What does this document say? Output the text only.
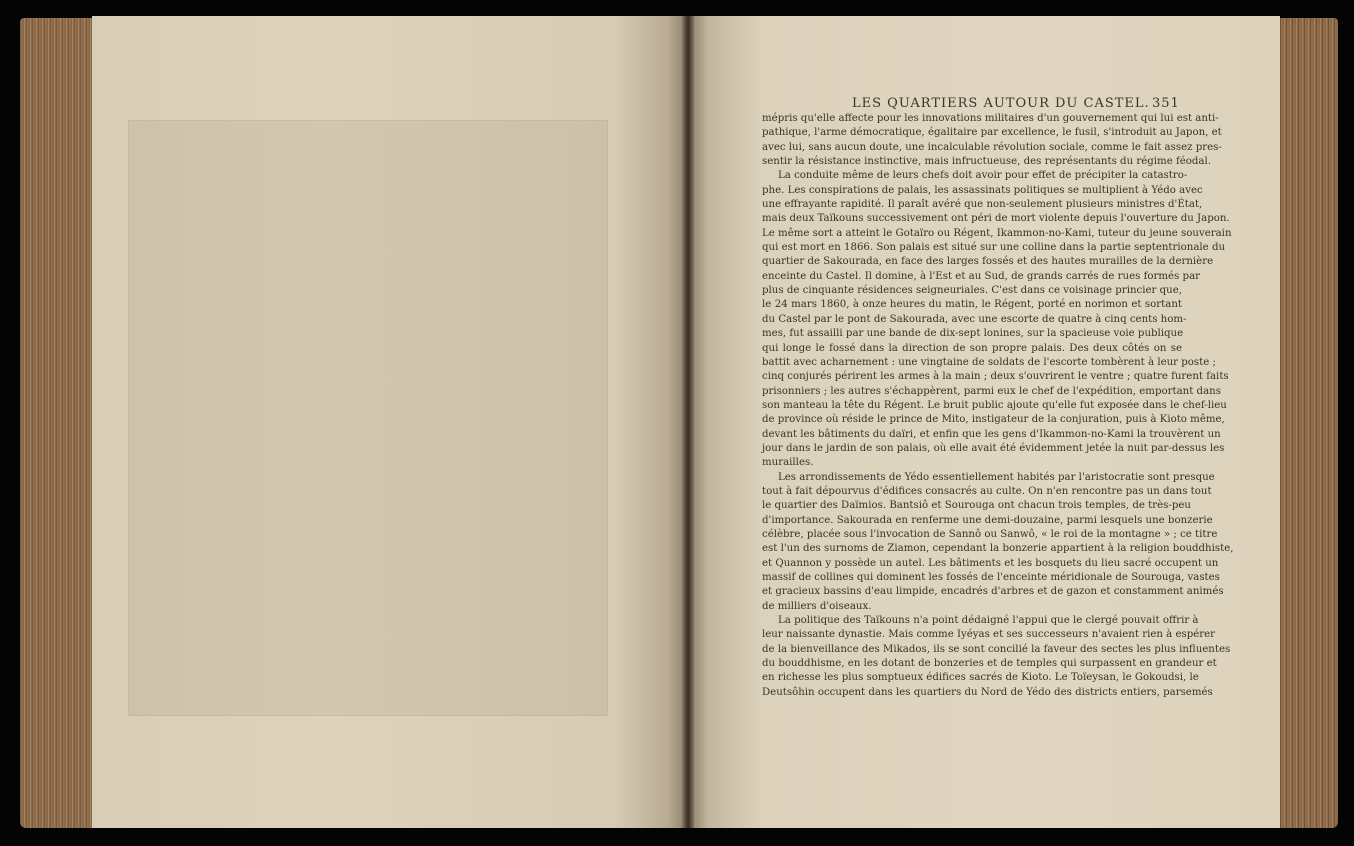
LES QUARTIERS AUTOUR DU CASTEL. 351
mépris qu'elle affecte pour les innovations militaires d'un gouvernement qui lui est anti-
pathique, l'arme démocratique, égalitaire par excellence, le fusil, s'introduit au Japon, et
avec lui, sans aucun doute, une incalculable révolution sociale, comme le fait assez pres-
sentir la résistance instinctive, mais infructueuse, des représentants du régime féodal.
La conduite même de leurs chefs doit avoir pour effet de précipiter la catastro-
phe. Les conspirations de palais, les assassinats politiques se multiplient à Yédo avec
une effrayante rapidité. Il paraît avéré que non-seulement plusieurs ministres d'État,
mais deux Taïkouns successivement ont péri de mort violente depuis l'ouverture du Japon.
Le même sort a atteint le Gotaïro ou Régent, Ikammon-no-Kami, tuteur du jeune souverain
qui est mort en 1866. Son palais est situé sur une colline dans la partie septentrionale du
quartier de Sakourada, en face des larges fossés et des hautes murailles de la dernière
enceinte du Castel. Il domine, à l'Est et au Sud, de grands carrés de rues formés par
plus de cinquante résidences seigneuriales. C'est dans ce voisinage princier que,
le 24 mars 1860, à onze heures du matin, le Régent, porté en norimon et sortant
du Castel par le pont de Sakourada, avec une escorte de quatre à cinq cents hom-
mes, fut assailli par une bande de dix-sept lonines, sur la spacieuse voie publique
qui longe le fossé dans la direction de son propre palais. Des deux côtés on se
battit avec acharnement : une vingtaine de soldats de l'escorte tombèrent à leur poste ;
cinq conjurés périrent les armes à la main ; deux s'ouvrirent le ventre ; quatre furent faits
prisonniers ; les autres s'échappèrent, parmi eux le chef de l'expédition, emportant dans
son manteau la tête du Régent. Le bruit public ajoute qu'elle fut exposée dans le chef-lieu
de province où réside le prince de Mito, instigateur de la conjuration, puis à Kioto même,
devant les bâtiments du daïri, et enfin que les gens d'Ikammon-no-Kami la trouvèrent un
jour dans le jardin de son palais, où elle avait été évidemment jetée la nuit par-dessus les
murailles.
Les arrondissements de Yédo essentiellement habités par l'aristocratie sont presque
tout à fait dépourvus d'édifices consacrés au culte. On n'en rencontre pas un dans tout
le quartier des Daïmios. Bantsiô et Sourouga ont chacun trois temples, de très-peu
d'importance. Sakourada en renferme une demi-douzaine, parmi lesquels une bonzerie
célèbre, placée sous l'invocation de Sannô ou Sanwô, « le roi de la montagne » ; ce titre
est l'un des surnoms de Ziamon, cependant la bonzerie appartient à la religion bouddhiste,
et Quannon y possède un autel. Les bâtiments et les bosquets du lieu sacré occupent un
massif de collines qui dominent les fossés de l'enceinte méridionale de Sourouga, vastes
et gracieux bassins d'eau limpide, encadrés d'arbres et de gazon et constamment animés
de milliers d'oiseaux.
La politique des Taïkouns n'a point dédaigné l'appui que le clergé pouvait offrir à
leur naissante dynastie. Mais comme Iyéyas et ses successeurs n'avaient rien à espérer
de la bienveillance des Mikados, ils se sont concilié la faveur des sectes les plus influentes
du bouddhisme, en les dotant de bonzeries et de temples qui surpassent en grandeur et
en richesse les plus somptueux édifices sacrés de Kioto. Le Toïeysan, le Gokoudsi, le
Deutsôhin occupent dans les quartiers du Nord de Yédo des districts entiers, parsemés
